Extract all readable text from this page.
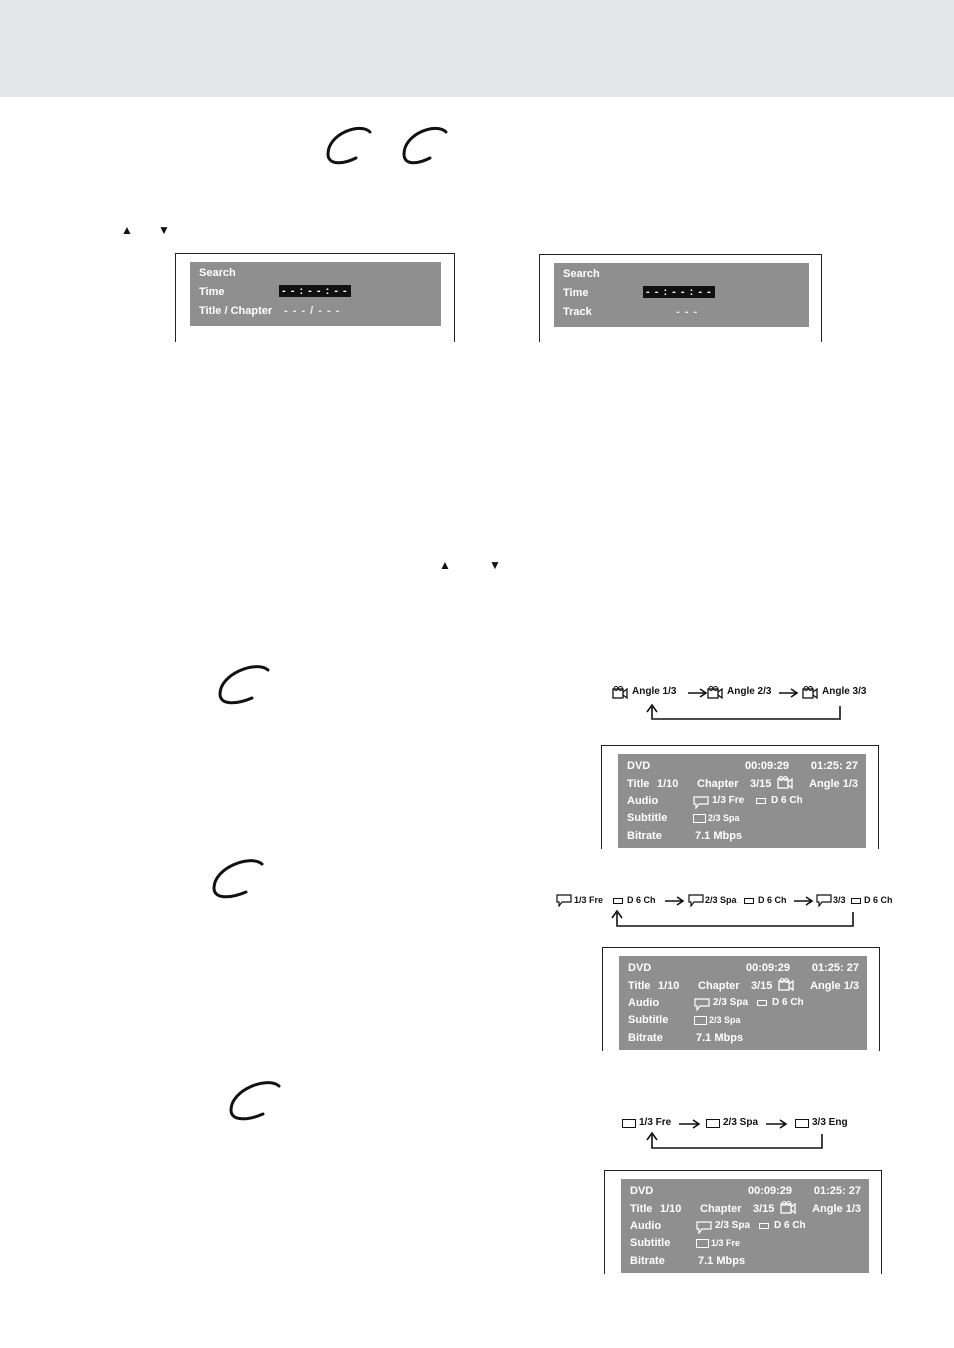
▲ ▼
Search
Time	- - : - - : - -
Title / Chapter - - - / - - -
Search
Time	- - : - - : - -
Track	- - -
▲	▼
Angle 1/3	Angle 2/3	Angle 3/3
DVD	00:09:29 01:25: 27
Title 1/10 Chapter 3/15	Angle 1/3
Audio	1/3 Fre	D 6 Ch
Subtitle	2/3 Spa
Bitrate	7.1 Mbps
1/3 Fre	D 6 Ch	2/3 Spa D 6 Ch	3/3 D 6 Ch
DVD	00:09:29 01:25: 27
Title 1/10 Chapter 3/15	Angle 1/3
Audio	2/3 Spa D 6 Ch
Subtitle	2/3 Spa
Bitrate	7.1 Mbps
1/3 Fre	2/3 Spa	3/3 Eng
DVD	00:09:29 01:25: 27
Title 1/10 Chapter 3/15	Angle 1/3
Audio	2/3 Spa D 6 Ch
Subtitle	1/3 Fre
Bitrate	7.1 Mbps
